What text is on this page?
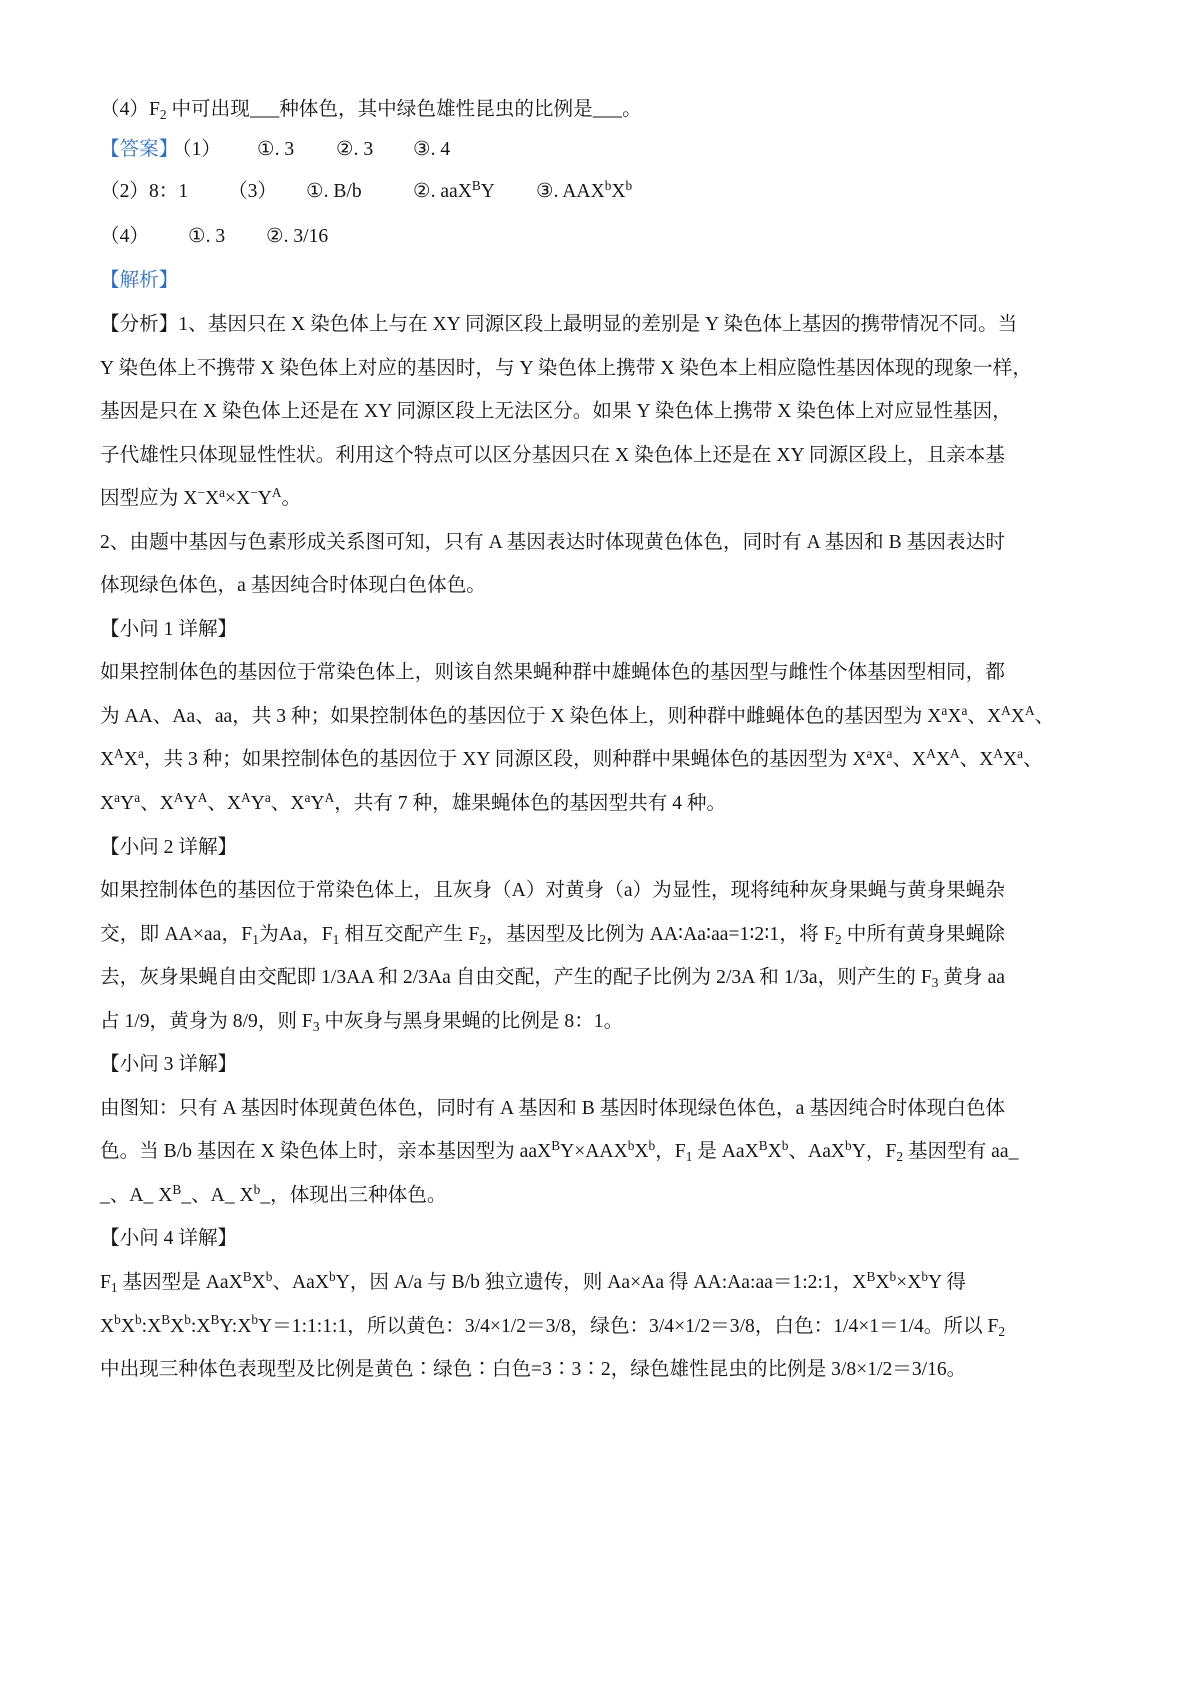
$(4)F_2$ 中可出现___种体色，其中绿色雄性昆虫的比例是___。
【答案】
（1） ①. 3 ②. 3 ③. 4
（2）8：1 （3） ①. B/b	②. aaX$^B$Y ③. $AAX^bX^b$
（4） ①. 3 ②. 3/16
【解析】
【分析】1、基因只在 X 染色体上与在 XY 同源区段上最明显的差别是 Y 染色体上基因的携带情况不同。当
Y 染色体上不携带 X 染色体上对应的基因时，与 Y 染色体上携带 X 染色本上相应隐性基因体现的现象一样，
基因是只在 X 染色体上还是在 XY 同源区段上无法区分。如果 Y 染色体上携带 X 染色体上对应显性基因，
子代雄性只体现显性性状。利用这个特点可以区分基因只在 X 染色体上还是在 XY 同源区段上，且亲本基
因型应为 $X^-X^a\times X^-Y^A$。
2、由题中基因与色素形成关系图可知，只有 A 基因表达时体现黄色体色，同时有 A 基因和 B 基因表达时
体现绿色体色，a 基因纯合时体现白色体色。
【小问 1 详解】
如果控制体色的基因位于常染色体上，则该自然果蝇种群中雄蝇体色的基因型与雌性个体基因型相同，都
为 AA、Aa、aa，共 3 种；如果控制体色的基因位于 X 染色体上，则种群中雌蝇体色的基因型为 $X^aX^a$、$X^AX^A$、
$X^AX^a$，共 3 种；如果控制体色的基因位于 XY 同源区段，则种群中果蝇体色的基因型为 $X^aX^a$、$X^AX^A$、$X^AX^a$、
$X^aY^a$、$X^AY^A$、$X^AY^a$、$X^aY^A$，共有 7 种，雄果蝇体色的基因型共有 4 种。
【小问 2 详解】
如果控制体色的基因位于常染色体上，且灰身（A）对黄身（a）为显性，现将纯种灰身果蝇与黄身果蝇杂
交，即 AA×aa，$F_1$为Aa，$F_1$ 相互交配产生 $F_2$，基因型及比例为 AA∶Aa∶aa=1∶2∶1，将 $F_2$ 中所有黄身果蝇除
去，灰身果蝇自由交配即 1/3AA 和 2/3Aa 自由交配，产生的配子比例为 2/3A 和 1/3a，则产生的 $F_3$ 黄身 aa
占 1/9，黄身为 8/9，则 $F_3$ 中灰身与黑身果蝇的比例是 8：1。
【小问 3 详解】
由图知：只有 A 基因时体现黄色体色，同时有 A 基因和 B 基因时体现绿色体色，a 基因纯合时体现白色体
色。当 B/b 基因在 X 染色体上时，亲本基因型为 $aaX^BY\times AAX^bX^b$，$F_1$ 是 $AaX^BX^b$、AaX$^b$Y，$F_2$ 基因型有 aa_
_、A_ $X^B\_$、A_ $X^b\_$，体现出三种体色。
【小问 4 详解】
$F_1$ 基因型是 $AaX^BX^b$、AaX$^b$Y，因 A/a 与 B/b 独立遗传，则 Aa×Aa 得 AA:Aa:aa＝1:2:1，$X^BX^b\times X^bY$ 得
$X^bX^b:X^BX^b:X^BY:X^bY=1:1:1:1$，所以黄色：3/4×1/2＝3/8，绿色：3/4×1/2＝3/8，白色：1/4×1＝1/4。所以 $F_2$
中出现三种体色表现型及比例是黄色∶绿色∶白色=3∶3∶2，绿色雄性昆虫的比例是 3/8×1/2＝3/16。
